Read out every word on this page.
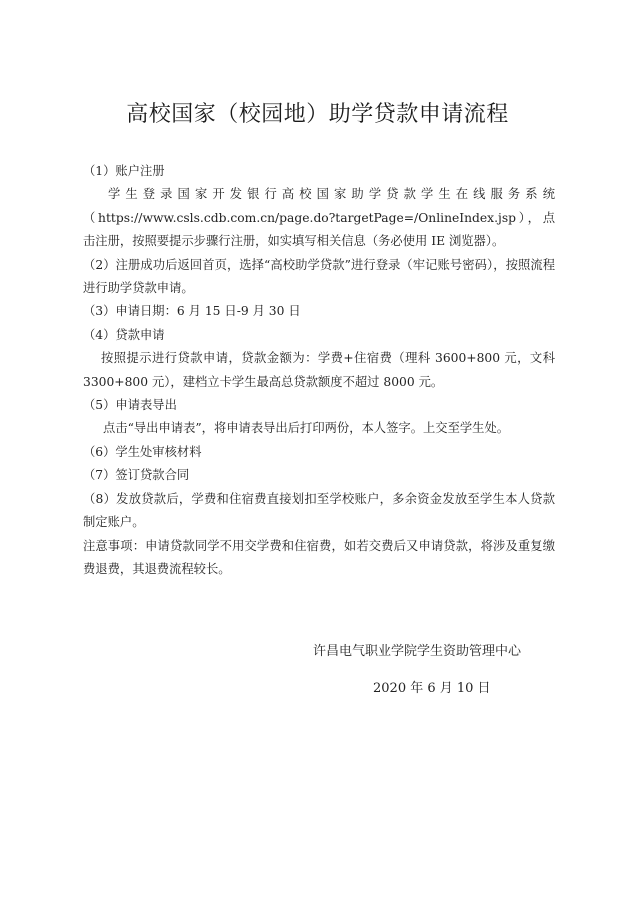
高校国家（校园地）助学贷款申请流程

（1）账户注册

学生登录国家开发银行高校国家助学贷款学生在线服务系统（https://www.csls.cdb.com.cn/page.do?targetPage=/OnlineIndex.jsp），点击注册，按照要提示步骤行注册，如实填写相关信息（务必使用 IE 浏览器）。

（2）注册成功后返回首页，选择“高校助学贷款”进行登录（牢记账号密码），按照流程进行助学贷款申请。

（3）申请日期：6 月 15 日-9 月 30 日

（4）贷款申请

按照提示进行贷款申请，贷款金额为：学费+住宿费（理科 3600+800 元，文科 3300+800 元），建档立卡学生最高总贷款额度不超过 8000 元。

（5）申请表导出

点击“导出申请表”，将申请表导出后打印两份，本人签字。上交至学生处。

（6）学生处审核材料

（7）签订贷款合同

（8）发放贷款后，学费和住宿费直接划扣至学校账户，多余资金发放至学生本人贷款制定账户。

注意事项：申请贷款同学不用交学费和住宿费，如若交费后又申请贷款，将涉及重复缴费退费，其退费流程较长。

许昌电气职业学院学生资助管理中心
2020 年 6 月 10 日
